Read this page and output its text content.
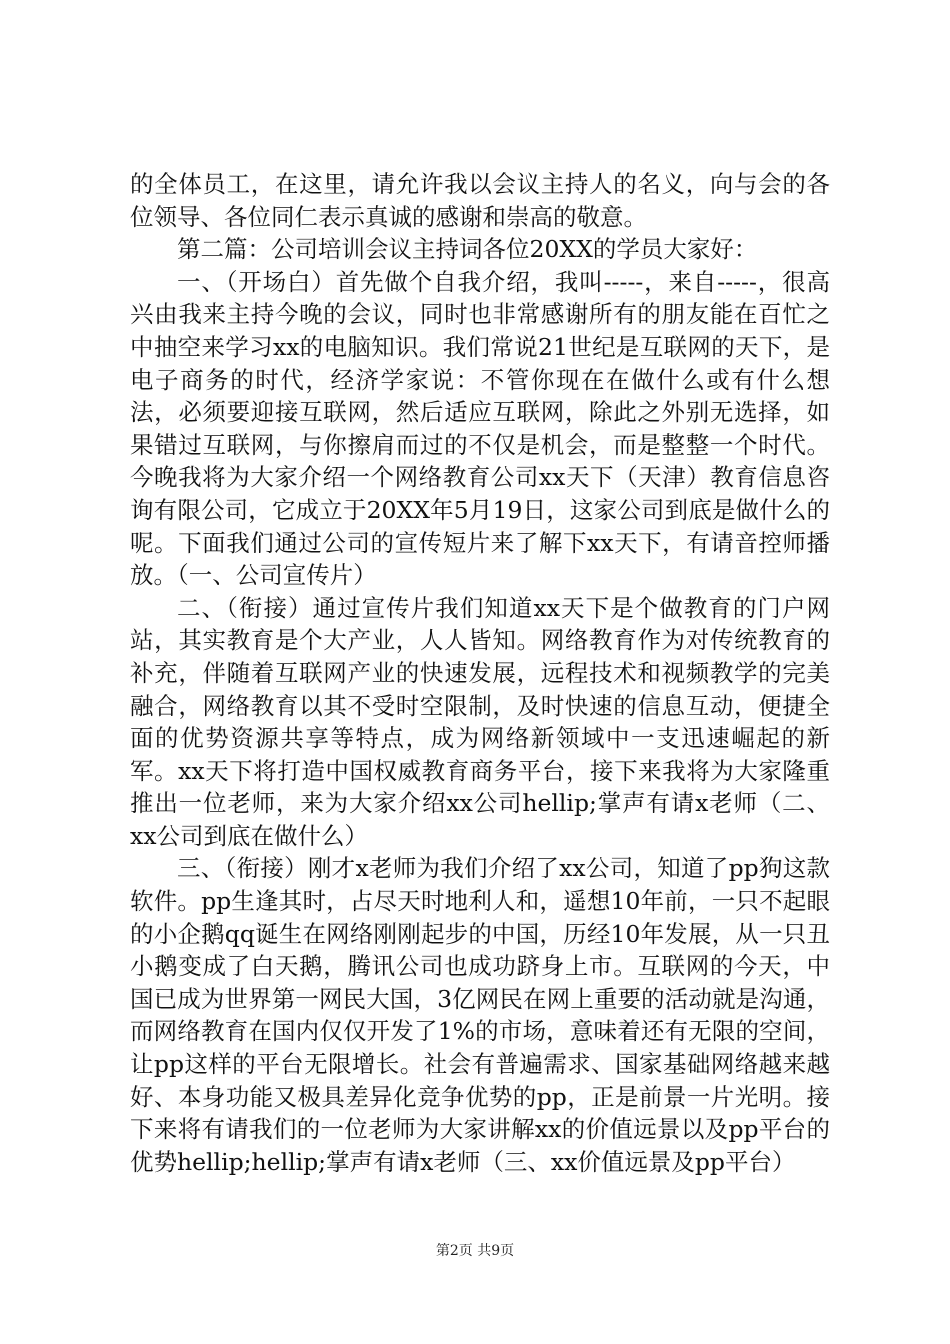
的全体员工，在这里，请允许我以会议主持人的名义，向与会的各位领导、各位同仁表示真诚的感谢和崇高的敬意。

第二篇：公司培训会议主持词各位20XX的学员大家好：

一、（开场白）首先做个自我介绍，我叫-----，来自-----，很高兴由我来主持今晚的会议，同时也非常感谢所有的朋友能在百忙之中抽空来学习xx的电脑知识。我们常说21世纪是互联网的天下，是电子商务的时代，经济学家说：不管你现在在做什么或有什么想法，必须要迎接互联网，然后适应互联网，除此之外别无选择，如果错过互联网，与你擦肩而过的不仅是机会，而是整整一个时代。今晚我将为大家介绍一个网络教育公司xx天下（天津）教育信息咨询有限公司，它成立于20XX年5月19日，这家公司到底是做什么的呢。下面我们通过公司的宣传短片来了解下xx天下，有请音控师播放。（一、公司宣传片）

二、（衔接）通过宣传片我们知道xx天下是个做教育的门户网站，其实教育是个大产业，人人皆知。网络教育作为对传统教育的补充，伴随着互联网产业的快速发展，远程技术和视频教学的完美融合，网络教育以其不受时空限制，及时快速的信息互动，便捷全面的优势资源共享等特点，成为网络新领域中一支迅速崛起的新军。xx天下将打造中国权威教育商务平台，接下来我将为大家隆重推出一位老师，来为大家介绍xx公司hellip;掌声有请x老师（二、xx公司到底在做什么）

三、（衔接）刚才x老师为我们介绍了xx公司，知道了pp狗这款软件。pp生逢其时，占尽天时地利人和，遥想10年前，一只不起眼的小企鹅qq诞生在网络刚刚起步的中国，历经10年发展，从一只丑小鹅变成了白天鹅，腾讯公司也成功跻身上市。互联网的今天，中国已成为世界第一网民大国，3亿网民在网上重要的活动就是沟通，而网络教育在国内仅仅开发了1%的市场，意味着还有无限的空间，让pp这样的平台无限增长。社会有普遍需求、国家基础网络越来越好、本身功能又极具差异化竞争优势的pp，正是前景一片光明。接下来将有请我们的一位老师为大家讲解xx的价值远景以及pp平台的优势hellip;hellip;掌声有请x老师（三、xx价值远景及pp平台）

第2页 共9页
